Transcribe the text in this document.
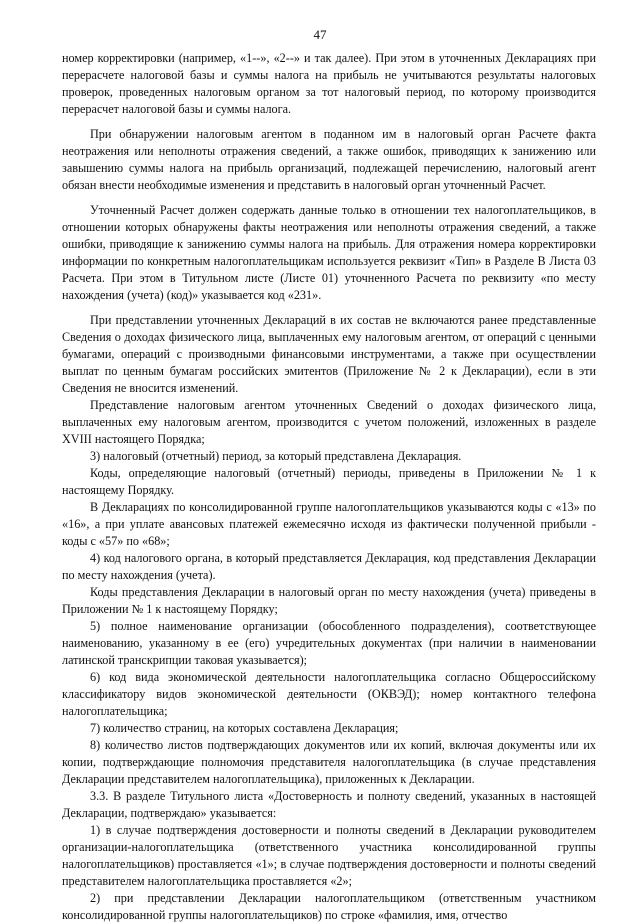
47

номер корректировки (например, «1--», «2--» и так далее). При этом в уточненных Декларациях при перерасчете налоговой базы и суммы налога на прибыль не учитываются результаты налоговых проверок, проведенных налоговым органом за тот налоговый период, по которому производится перерасчет налоговой базы и суммы налога.

При обнаружении налоговым агентом в поданном им в налоговый орган Расчете факта неотражения или неполноты отражения сведений, а также ошибок, приводящих к занижению или завышению суммы налога на прибыль организаций, подлежащей перечислению, налоговый агент обязан внести необходимые изменения и представить в налоговый орган уточненный Расчет.

Уточненный Расчет должен содержать данные только в отношении тех налогоплательщиков, в отношении которых обнаружены факты неотражения или неполноты отражения сведений, а также ошибки, приводящие к занижению суммы налога на прибыль. Для отражения номера корректировки информации по конкретным налогоплательщикам используется реквизит «Тип» в Разделе В Листа 03 Расчета. При этом в Титульном листе (Листе 01) уточненного Расчета по реквизиту «по месту нахождения (учета) (код)» указывается код «231».

При представлении уточненных Деклараций в их состав не включаются ранее представленные Сведения о доходах физического лица, выплаченных ему налоговым агентом, от операций с ценными бумагами, операций с производными финансовыми инструментами, а также при осуществлении выплат по ценным бумагам российских эмитентов (Приложение № 2 к Декларации), если в эти Сведения не вносится изменений.

Представление налоговым агентом уточненных Сведений о доходах физического лица, выплаченных ему налоговым агентом, производится с учетом положений, изложенных в разделе XVIII настоящего Порядка;

3) налоговый (отчетный) период, за который представлена Декларация.

Коды, определяющие налоговый (отчетный) периоды, приведены в Приложении № 1 к настоящему Порядку.

В Декларациях по консолидированной группе налогоплательщиков указываются коды с «13» по «16», а при уплате авансовых платежей ежемесячно исходя из фактически полученной прибыли - коды с «57» по «68»;

4) код налогового органа, в который представляется Декларация, код представления Декларации по месту нахождения (учета).

Коды представления Декларации в налоговый орган по месту нахождения (учета) приведены в Приложении № 1 к настоящему Порядку;

5) полное наименование организации (обособленного подразделения), соответствующее наименованию, указанному в ее (его) учредительных документах (при наличии в наименовании латинской транскрипции таковая указывается);

6) код вида экономической деятельности налогоплательщика согласно Общероссийскому классификатору видов экономической деятельности (ОКВЭД); номер контактного телефона налогоплательщика;

7) количество страниц, на которых составлена Декларация;

8) количество листов подтверждающих документов или их копий, включая документы или их копии, подтверждающие полномочия представителя налогоплательщика (в случае представления Декларации представителем налогоплательщика), приложенных к Декларации.

3.3. В разделе Титульного листа «Достоверность и полноту сведений, указанных в настоящей Декларации, подтверждаю» указывается:

1) в случае подтверждения достоверности и полноты сведений в Декларации руководителем организации-налогоплательщика (ответственного участника консолидированной группы налогоплательщиков) проставляется «1»; в случае подтверждения достоверности и полноты сведений представителем налогоплательщика проставляется «2»;

2) при представлении Декларации налогоплательщиком (ответственным участником консолидированной группы налогоплательщиков) по строке «фамилия, имя, отчество
